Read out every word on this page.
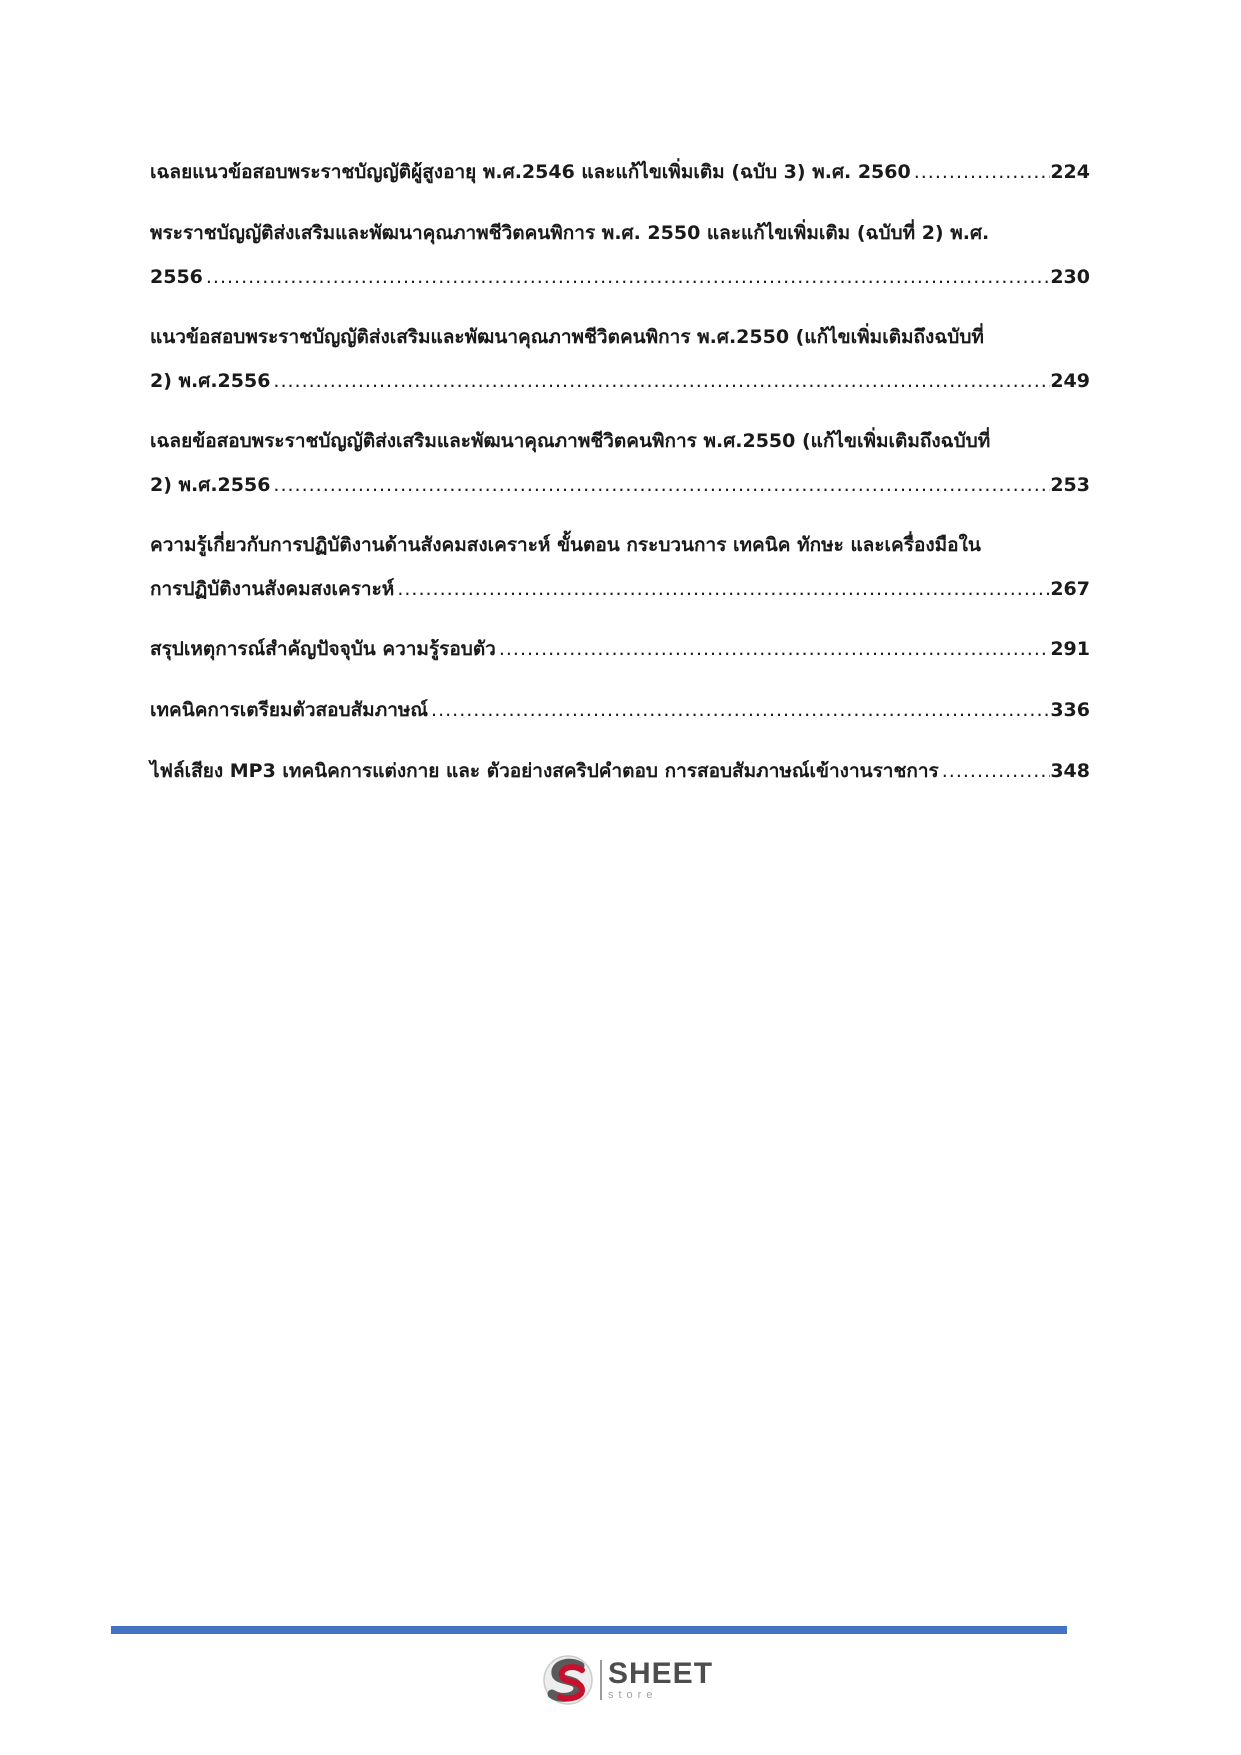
เฉลยแนวข้อสอบพระราชบัญญัติผู้สูงอายุ พ.ศ.2546 และแก้ไขเพิ่มเติม (ฉบับ 3) พ.ศ. 2560 .....	224
พระราชบัญญัติส่งเสริมและพัฒนาคุณภาพชีวิตคนพิการ พ.ศ. 2550 และแก้ไขเพิ่มเติม (ฉบับที่ 2) พ.ศ.
2556 .....	230
แนวข้อสอบพระราชบัญญัติส่งเสริมและพัฒนาคุณภาพชีวิตคนพิการ พ.ศ.2550 (แก้ไขเพิ่มเติมถึงฉบับที่
2) พ.ศ.2556 .....	249
เฉลยข้อสอบพระราชบัญญัติส่งเสริมและพัฒนาคุณภาพชีวิตคนพิการ พ.ศ.2550 (แก้ไขเพิ่มเติมถึงฉบับที่
2) พ.ศ.2556 .....	253
ความรู้เกี่ยวกับการปฏิบัติงานด้านสังคมสงเคราะห์ ขั้นตอน กระบวนการ เทคนิค ทักษะ และเครื่องมือใน
การปฏิบัติงานสังคมสงเคราะห์ .....	267
สรุปเหตุการณ์สำคัญปัจจุบัน ความรู้รอบตัว .....	291
เทคนิคการเตรียมตัวสอบสัมภาษณ์ .....	336
ไฟล์เสียง MP3 เทคนิคการแต่งกาย และ ตัวอย่างสคริปคำตอบ การสอบสัมภาษณ์เข้างานราชการ .....	348
SHEET
store
